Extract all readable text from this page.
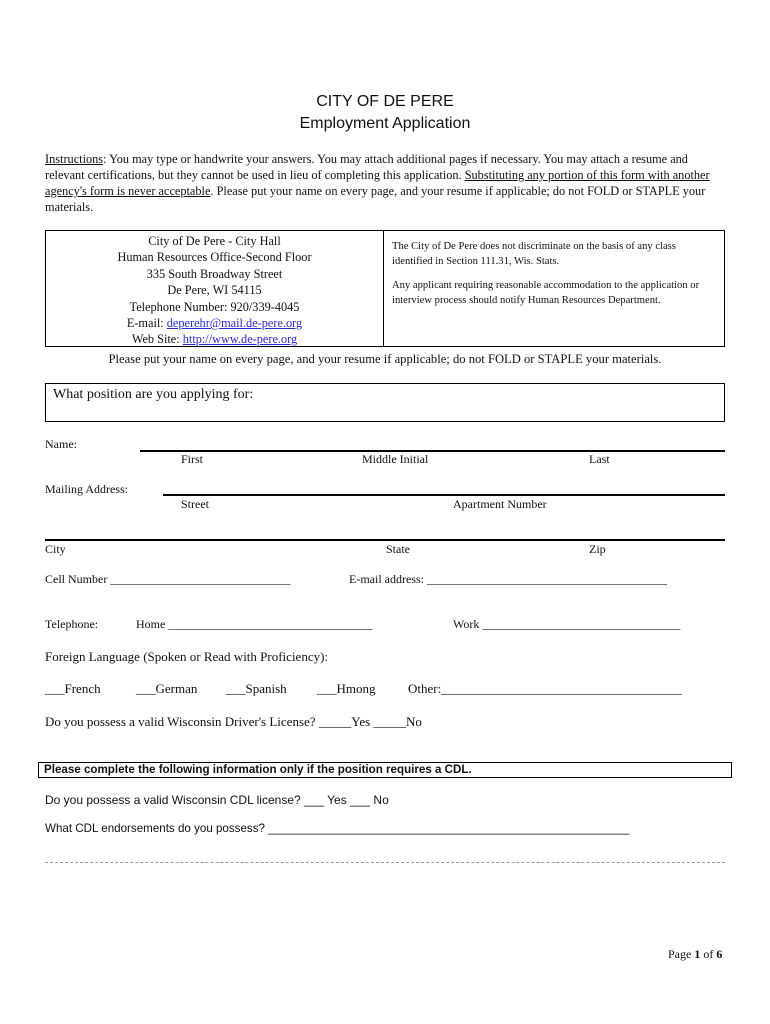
CITY OF DE PERE
Employment Application
Instructions: You may type or handwrite your answers. You may attach additional pages if necessary. You may attach a resume and relevant certifications, but they cannot be used in lieu of completing this application. Substituting any portion of this form with another agency's form is never acceptable. Please put your name on every page, and your resume if applicable; do not FOLD or STAPLE your materials.
City of De Pere - City Hall
Human Resources Office-Second Floor
335 South Broadway Street
De Pere, WI 54115
Telephone Number: 920/339-4045
E-mail: deperehr@mail.de-pere.org
Web Site: http://www.de-pere.org

The City of De Pere does not discriminate on the basis of any class identified in Section 111.31, Wis. Stats.

Any applicant requiring reasonable accommodation to the application or interview process should notify Human Resources Department.

Please put your name on every page, and your resume if applicable; do not FOLD or STAPLE your materials.
What position are you applying for:
Name:
First	Middle Initial	Last
Mailing Address:
Street	Apartment Number
City	State	Zip
Cell Number ______________________________	E-mail address: ________________________________________
Telephone:	Home __________________________________	Work _________________________________
Foreign Language (Spoken or Read with Proficiency):
___French	___German ___Spanish ___Hmong	Other:_____________________________________
Do you possess a valid Wisconsin Driver's License? _____Yes _____No
Please complete the following information only if the position requires a CDL.
Do you possess a valid Wisconsin CDL license? ___ Yes ___ No
What CDL endorsements do you possess? ________________________________________________________
Page 1 of 6
